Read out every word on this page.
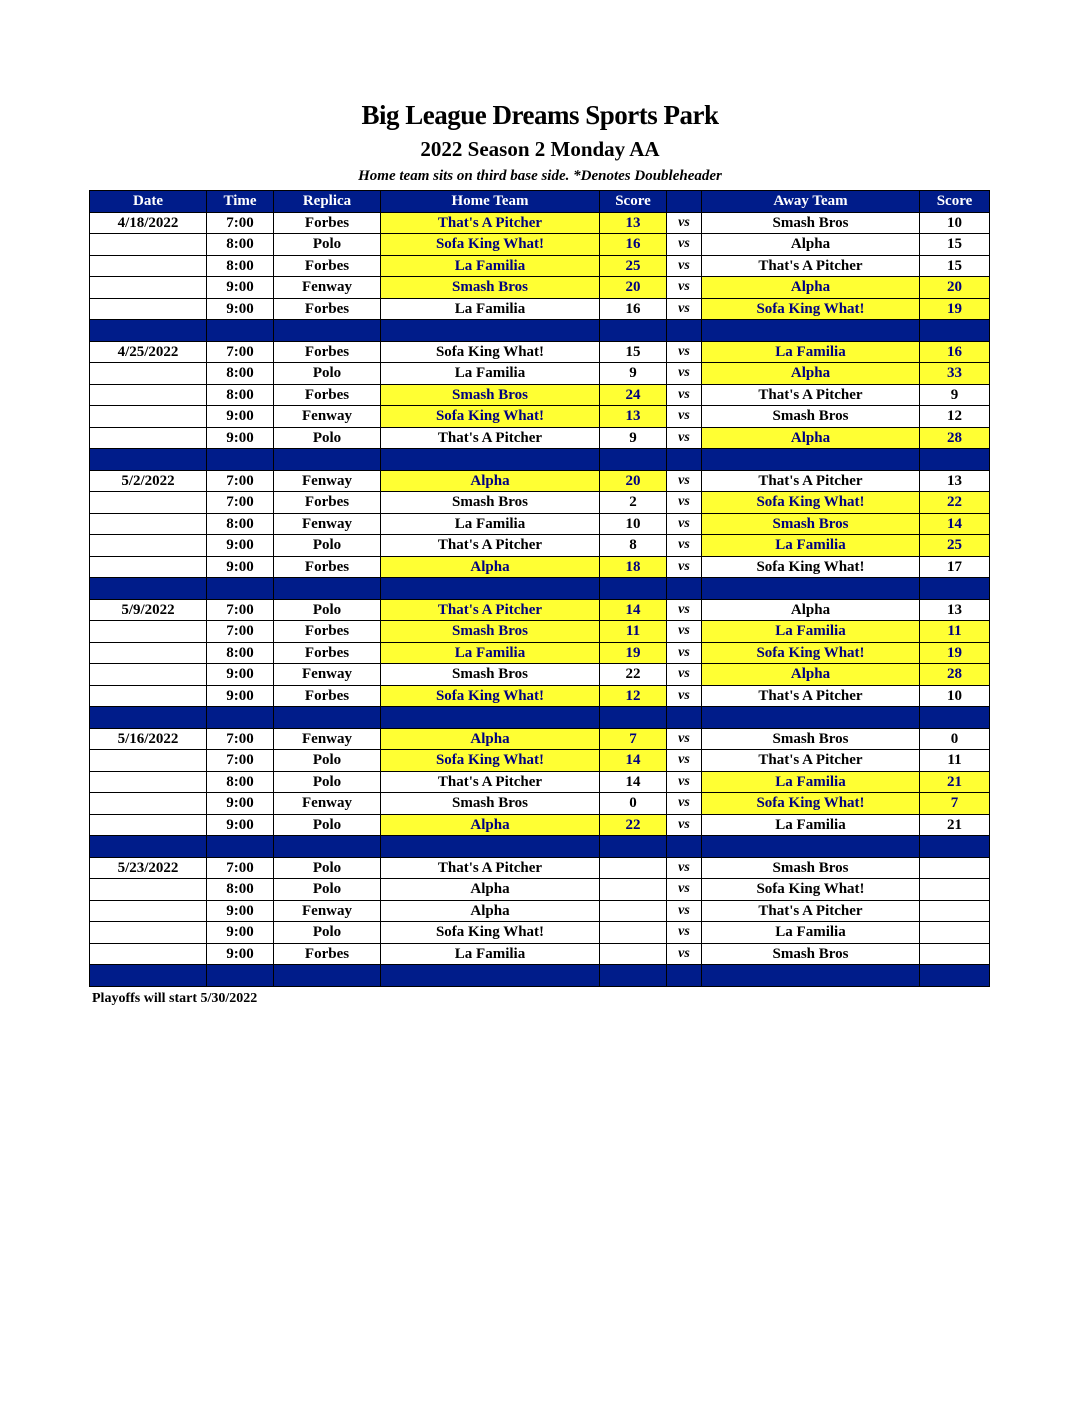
Big League Dreams Sports Park
2022 Season 2 Monday AA
Home team sits on third base side. *Denotes Doubleheader
Date	Time	Replica	Home Team	Score		Away Team	Score
4/18/2022	7:00	Forbes	That's A Pitcher	13	vs	Smash Bros	10
	8:00	Polo	Sofa King What!	16	vs	Alpha	15
	8:00	Forbes	La Familia	25	vs	That's A Pitcher	15
	9:00	Fenway	Smash Bros	20	vs	Alpha	20
	9:00	Forbes	La Familia	16	vs	Sofa King What!	19

4/25/2022	7:00	Forbes	Sofa King What!	15	vs	La Familia	16
	8:00	Polo	La Familia	9	vs	Alpha	33
	8:00	Forbes	Smash Bros	24	vs	That's A Pitcher	9
	9:00	Fenway	Sofa King What!	13	vs	Smash Bros	12
	9:00	Polo	That's A Pitcher	9	vs	Alpha	28

5/2/2022	7:00	Fenway	Alpha	20	vs	That's A Pitcher	13
	7:00	Forbes	Smash Bros	2	vs	Sofa King What!	22
	8:00	Fenway	La Familia	10	vs	Smash Bros	14
	9:00	Polo	That's A Pitcher	8	vs	La Familia	25
	9:00	Forbes	Alpha	18	vs	Sofa King What!	17

5/9/2022	7:00	Polo	That's A Pitcher	14	vs	Alpha	13
	7:00	Forbes	Smash Bros	11	vs	La Familia	11
	8:00	Forbes	La Familia	19	vs	Sofa King What!	19
	9:00	Fenway	Smash Bros	22	vs	Alpha	28
	9:00	Forbes	Sofa King What!	12	vs	That's A Pitcher	10

5/16/2022	7:00	Fenway	Alpha	7	vs	Smash Bros	0
	7:00	Polo	Sofa King What!	14	vs	That's A Pitcher	11
	8:00	Polo	That's A Pitcher	14	vs	La Familia	21
	9:00	Fenway	Smash Bros	0	vs	Sofa King What!	7
	9:00	Polo	Alpha	22	vs	La Familia	21

5/23/2022	7:00	Polo	That's A Pitcher		vs	Smash Bros	
	8:00	Polo	Alpha		vs	Sofa King What!	
	9:00	Fenway	Alpha		vs	That's A Pitcher	
	9:00	Polo	Sofa King What!		vs	La Familia	
	9:00	Forbes	La Familia		vs	Smash Bros	

Playoffs will start 5/30/2022
